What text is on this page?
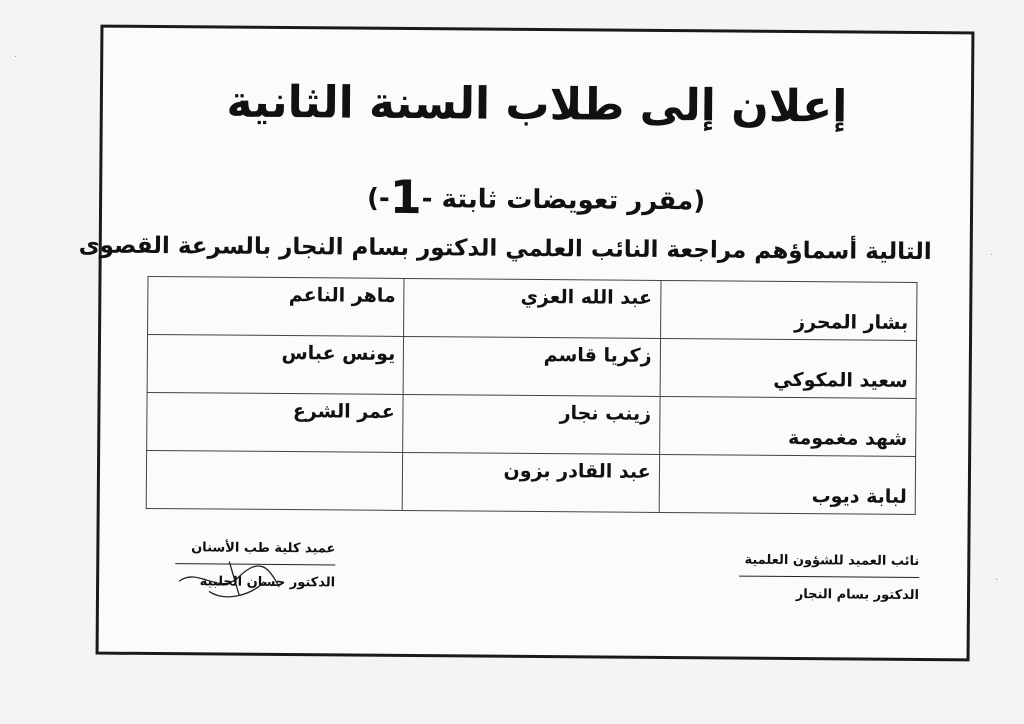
إعلان إلى طلاب السنة الثانية
(مقرر تعويضات ثابتة -1-)
التالية أسماؤهم مراجعة النائب العلمي الدكتور بسام النجار بالسرعة القصوى
بشار المحرز	عبد الله العزي	ماهر الناعم
سعيد المكوكي	زكريا قاسم	يونس عباس
شهد مغمومة	زينب نجار	عمر الشرع
لبابة ديوب	عبد القادر بزون	
عميد كلية طب الأسنان
الدكتور حسان الحلبية
نائب العميد للشؤون العلمية
الدكتور بسام النجار
·
·
·
